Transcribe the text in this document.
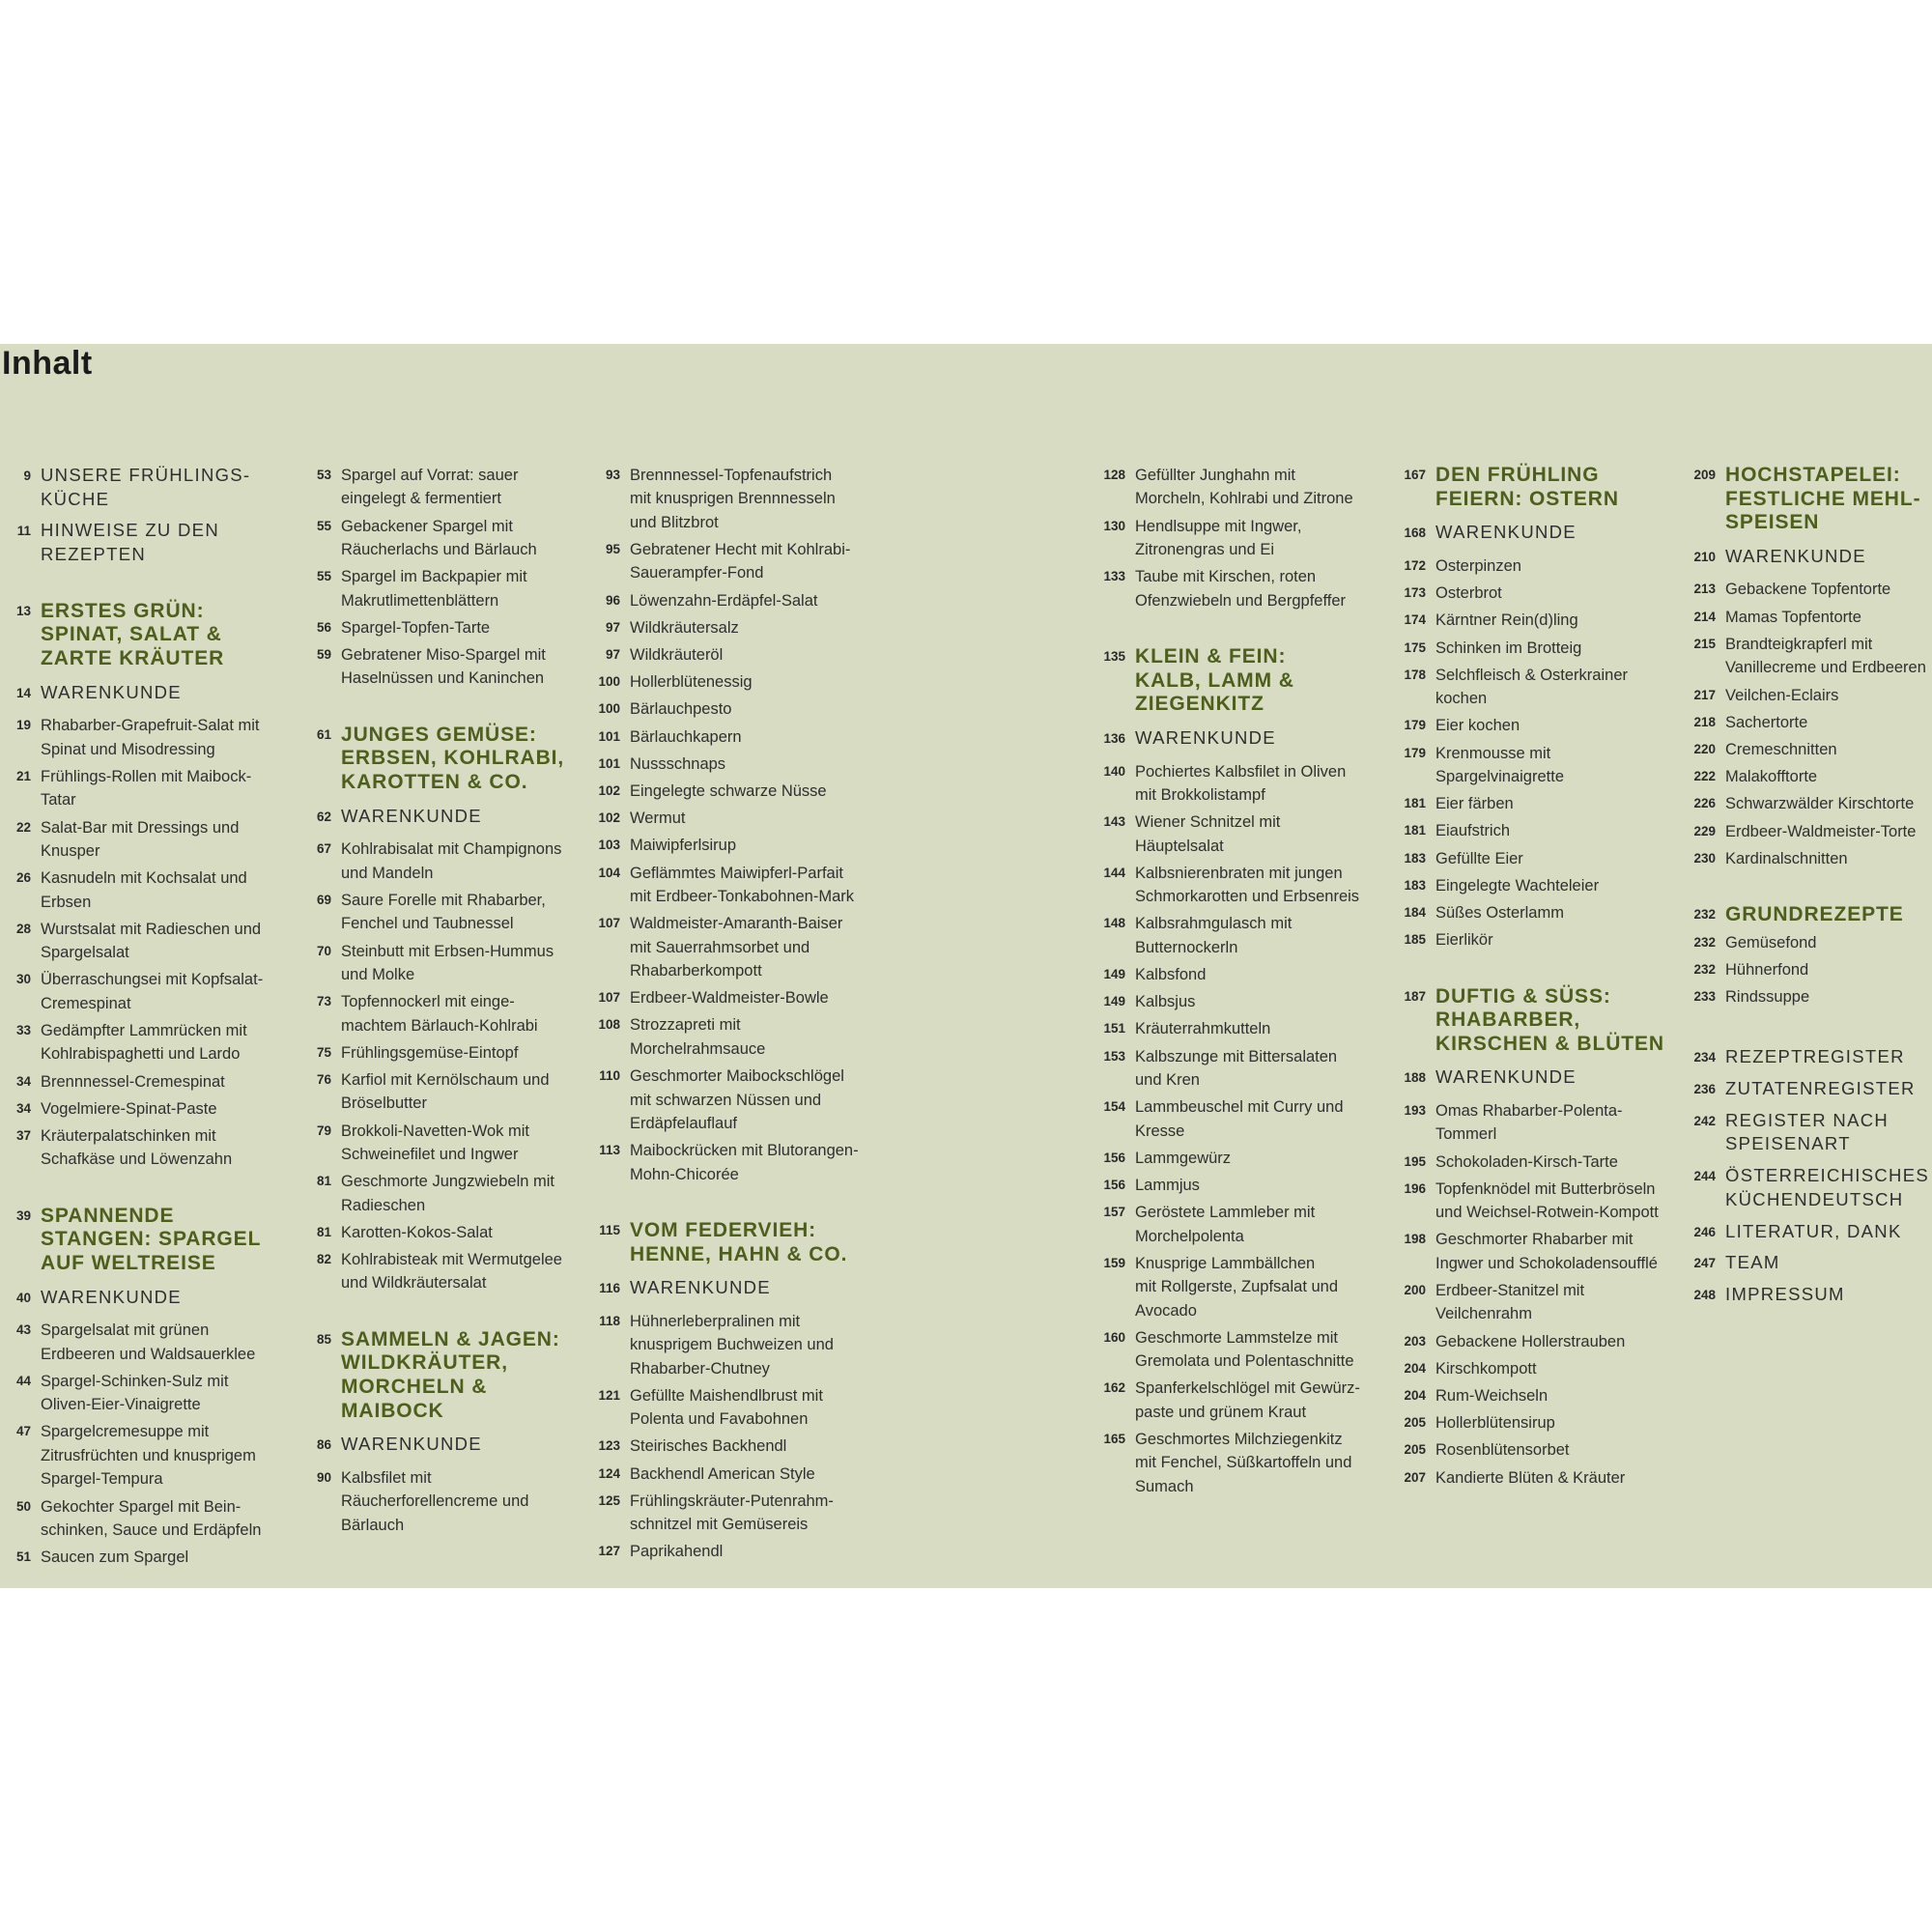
Inhalt
9 UNSERE FRÜHLINGS-
KÜCHE
11 HINWEISE ZU DEN
REZEPTEN
13 ERSTES GRÜN:
SPINAT, SALAT &
ZARTE KRÄUTER
14 WARENKUNDE
19 Rhabarber-Grapefruit-Salat mit
Spinat und Misodressing
21 Frühlings-Rollen mit Maibock-
Tatar
22 Salat-Bar mit Dressings und
Knusper
26 Kasnudeln mit Kochsalat und
Erbsen
28 Wurstsalat mit Radieschen und
Spargelsalat
30 Überraschungsei mit Kopfsalat-
Cremespinat
33 Gedämpfter Lammrücken mit
Kohlrabispaghetti und Lardo
34 Brennnessel-Cremespinat
34 Vogelmiere-Spinat-Paste
37 Kräuterpalatschinken mit
Schafkäse und Löwenzahn
39 SPANNENDE
STANGEN: SPARGEL
AUF WELTREISE
40 WARENKUNDE
43 Spargelsalat mit grünen
Erdbeeren und Waldsauerklee
44 Spargel-Schinken-Sulz mit
Oliven-Eier-Vinaigrette
47 Spargelcremesuppe mit
Zitrusfrüchten und knusprigem
Spargel-Tempura
50 Gekochter Spargel mit Bein-
schinken, Sauce und Erdäpfeln
51 Saucen zum Spargel
53 Spargel auf Vorrat: sauer
eingelegt & fermentiert
55 Gebackener Spargel mit
Räucherlachs und Bärlauch
55 Spargel im Backpapier mit
Makrutlimettenblättern
56 Spargel-Topfen-Tarte
59 Gebratener Miso-Spargel mit
Haselnüssen und Kaninchen
61 JUNGES GEMÜSE:
ERBSEN, KOHLRABI,
KAROTTEN & CO.
62 WARENKUNDE
67 Kohlrabisalat mit Champignons
und Mandeln
69 Saure Forelle mit Rhabarber,
Fenchel und Taubnessel
70 Steinbutt mit Erbsen-Hummus
und Molke
73 Topfennockerl mit einge-
machtem Bärlauch-Kohlrabi
75 Frühlingsgemüse-Eintopf
76 Karfiol mit Kernölschaum und
Bröselbutter
79 Brokkoli-Navetten-Wok mit
Schweinefilet und Ingwer
81 Geschmorte Jungzwiebeln mit
Radieschen
81 Karotten-Kokos-Salat
82 Kohlrabisteak mit Wermutgelee
und Wildkräutersalat
85 SAMMELN & JAGEN:
WILDKRÄUTER,
MORCHELN &
MAIBOCK
86 WARENKUNDE
90 Kalbsfilet mit
Räucherforellencreme und
Bärlauch
93 Brennnessel-Topfenaufstrich
mit knusprigen Brennnesseln
und Blitzbrot
95 Gebratener Hecht mit Kohlrabi-
Sauerampfer-Fond
96 Löwenzahn-Erdäpfel-Salat
97 Wildkräutersalz
97 Wildkräuteröl
100 Hollerblütenessig
100 Bärlauchpesto
101 Bärlauchkapern
101 Nussschnaps
102 Eingelegte schwarze Nüsse
102 Wermut
103 Maiwipferlsirup
104 Geflämmtes Maiwipferl-Parfait
mit Erdbeer-Tonkabohnen-Mark
107 Waldmeister-Amaranth-Baiser
mit Sauerrahmsorbet und
Rhabarberkompott
107 Erdbeer-Waldmeister-Bowle
108 Strozzapreti mit
Morchelrahmsauce
110 Geschmorter Maibockschlögel
mit schwarzen Nüssen und
Erdäpfelauflauf
113 Maibockrücken mit Blutorangen-
Mohn-Chicorée
115 VOM FEDERVIEH:
HENNE, HAHN & CO.
116 WARENKUNDE
118 Hühnerleberpralinen mit
knusprigem Buchweizen und
Rhabarber-Chutney
121 Gefüllte Maishendlbrust mit
Polenta und Favabohnen
123 Steirisches Backhendl
124 Backhendl American Style
125 Frühlingskräuter-Putenrahm-
schnitzel mit Gemüsereis
127 Paprikahendl
128 Gefüllter Junghahn mit
Morcheln, Kohlrabi und Zitrone
130 Hendlsuppe mit Ingwer,
Zitronengras und Ei
133 Taube mit Kirschen, roten
Ofenzwiebeln und Bergpfeffer
135 KLEIN & FEIN:
KALB, LAMM &
ZIEGENKITZ
136 WARENKUNDE
140 Pochiertes Kalbsfilet in Oliven
mit Brokkolistampf
143 Wiener Schnitzel mit
Häuptelsalat
144 Kalbsnierenbraten mit jungen
Schmorkarotten und Erbsenreis
148 Kalbsrahmgulasch mit
Butternockerln
149 Kalbsfond
149 Kalbsjus
151 Kräuterrahmkutteln
153 Kalbszunge mit Bittersalaten
und Kren
154 Lammbeuschel mit Curry und
Kresse
156 Lammgewürz
156 Lammjus
157 Geröstete Lammleber mit
Morchelpolenta
159 Knusprige Lammbällchen
mit Rollgerste, Zupfsalat und
Avocado
160 Geschmorte Lammstelze mit
Gremolata und Polentaschnitte
162 Spanferkelschlögel mit Gewürz-
paste und grünem Kraut
165 Geschmortes Milchziegenkitz
mit Fenchel, Süßkartoffeln und
Sumach
167 DEN FRÜHLING
FEIERN: OSTERN
168 WARENKUNDE
172 Osterpinzen
173 Osterbrot
174 Kärntner Rein(d)ling
175 Schinken im Brotteig
178 Selchfleisch & Osterkrainer
kochen
179 Eier kochen
179 Krenmousse mit
Spargelvinaigrette
181 Eier färben
181 Eiaufstrich
183 Gefüllte Eier
183 Eingelegte Wachteleier
184 Süßes Osterlamm
185 Eierlikör
187 DUFTIG & SÜSS:
RHABARBER,
KIRSCHEN & BLÜTEN
188 WARENKUNDE
193 Omas Rhabarber-Polenta-
Tommerl
195 Schokoladen-Kirsch-Tarte
196 Topfenknödel mit Butterbröseln
und Weichsel-Rotwein-Kompott
198 Geschmorter Rhabarber mit
Ingwer und Schokoladensoufflé
200 Erdbeer-Stanitzel mit
Veilchenrahm
203 Gebackene Hollerstrauben
204 Kirschkompott
204 Rum-Weichseln
205 Hollerblütensirup
205 Rosenblütensorbet
207 Kandierte Blüten & Kräuter
209 HOCHSTAPELEI:
FESTLICHE MEHL-
SPEISEN
210 WARENKUNDE
213 Gebackene Topfentorte
214 Mamas Topfentorte
215 Brandteigkrapferl mit
Vanillecreme und Erdbeeren
217 Veilchen-Eclairs
218 Sachertorte
220 Cremeschnitten
222 Malakofftorte
226 Schwarzwälder Kirschtorte
229 Erdbeer-Waldmeister-Torte
230 Kardinalschnitten
232 GRUNDREZEPTE
232 Gemüsefond
232 Hühnerfond
233 Rindssuppe
234 REZEPTREGISTER
236 ZUTATENREGISTER
242 REGISTER NACH
SPEISENART
244 ÖSTERREICHISCHES
KÜCHENDEUTSCH
246 LITERATUR, DANK
247 TEAM
248 IMPRESSUM
